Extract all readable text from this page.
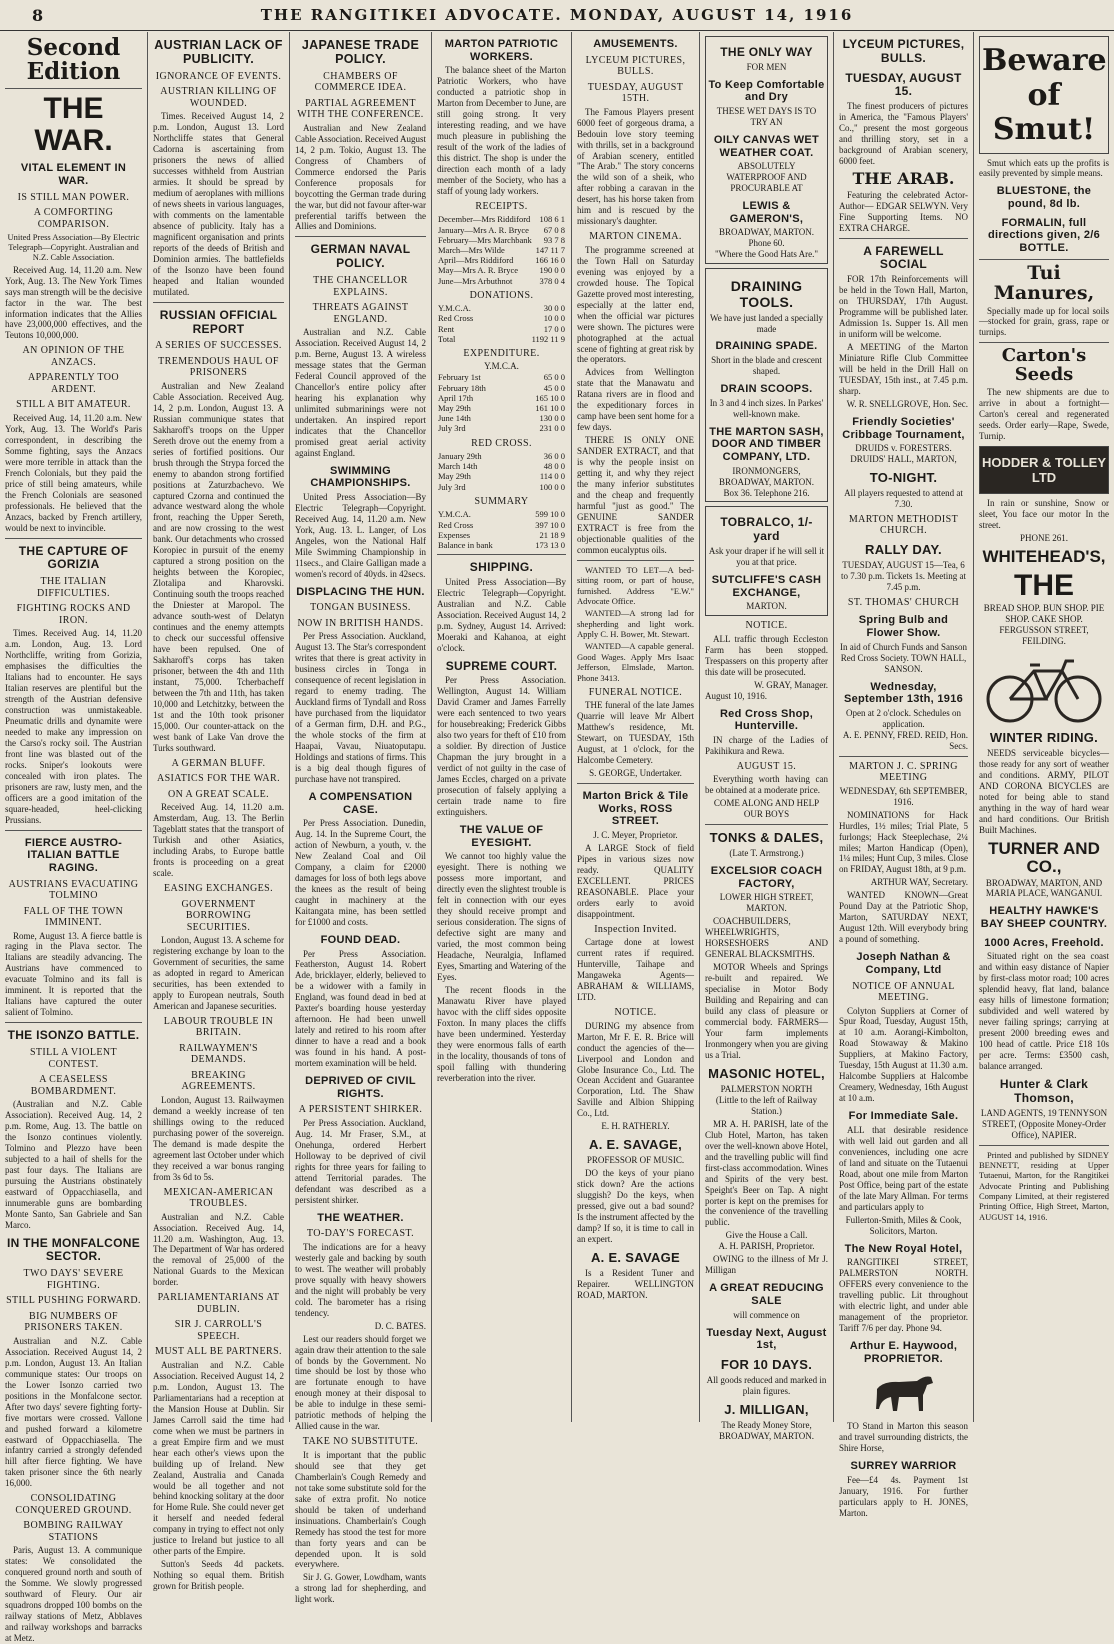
8	THE RANGITIKEI ADVOCATE. MONDAY, AUGUST 14, 1916
Second Edition
THE WAR.
VITAL ELEMENT IN WAR.
IS STILL MAN POWER.
A COMFORTING COMPARISON.
United Press Association—By Electric Telegraph—Copyright. Australian and N.Z. Cable Association.

Received Aug. 14, 11.20 a.m. New York, Aug. 13. The New York Times says man strength will be the decisive factor in the war. The best information indicates that the Allies have 23,000,000 effectives, and the Teutons 10,000,000.

AN OPINION OF THE ANZACS.
APPARENTLY TOO ARDENT.
STILL A BIT AMATEUR.

Received Aug. 14, 11.20 a.m. New York, Aug. 13. The World's Paris correspondent, in describing the Somme fighting, says the Anzacs were more terrible in attack than the French Colonials, but they paid the price of still being amateurs, while the French Colonials are seasoned professionals. He believed that the Anzacs, backed by French artillery, would be next to invincible.

THE CAPTURE OF GORIZIA
THE ITALIAN DIFFICULTIES.
FIGHTING ROCKS AND IRON.

Times. Received Aug. 14, 11.20 a.m. London, Aug. 13. Lord Northcliffe, writing from Gorizia, emphasises the difficulties the Italians had to encounter. He says Italian reserves are plentiful but the strength of the Austrian defensive construction was unmistakeable. Pneumatic drills and dynamite were needed to make any impression on the Carso's rocky soil. The Austrian front line was blasted out of the rocks. Sniper's lookouts were concealed with iron plates. The prisoners are raw, lusty men, and the officers are a good imitation of the square-headed, heel-clicking Prussians.

FIERCE AUSTRO-ITALIAN BATTLE RAGING.
AUSTRIANS EVACUATING TOLMINO
FALL OF THE TOWN IMMINENT.

Rome, August 13. A fierce battle is raging in the Plava sector. The Italians are steadily advancing. The Austrians have commenced to evacuate Tolmino and its fall is imminent. It is reported that the Italians have captured the outer salient of Tolmino.

THE ISONZO BATTLE.
STILL A VIOLENT CONTEST.
A CEASELESS BOMBARDMENT.

(Australian and N.Z. Cable Association). Received Aug. 14, 2 p.m. Rome, Aug. 13. The battle on the Isonzo continues violently. Tolmino and Plezzo have been subjected to a hail of shells for the past four days. The Italians are pursuing the Austrians obstinately eastward of Oppacchiasella, and innumerable guns are bombarding Monte Santo, San Gabriele and San Marco.

IN THE MONFALCONE SECTOR.
TWO DAYS' SEVERE FIGHTING.
STILL PUSHING FORWARD.
BIG NUMBERS OF PRISONERS TAKEN.

Australian and N.Z. Cable Association. Received August 14, 2 p.m. London, August 13. An Italian communique states: Our troops on the Lower Isonzo carried two positions in the Monfalcone sector. After two days' severe fighting forty-five mortars were crossed. Vallone and pushed forward a kilometre eastward of Oppacchiasella. The infantry carried a strongly defended hill after fierce fighting. We have taken prisoner since the 6th nearly 16,000.

CONSOLIDATING CONQUERED GROUND.
BOMBING RAILWAY STATIONS

Paris, August 13. A communique states: We consolidated the conquered ground north and south of the Somme. We slowly progressed southward of Fleury. Our air squadrons dropped 100 bombs on the railway stations of Metz, Abblaves and railway workshops and barracks at Metz.

AUSTRIAN LACK OF PUBLICITY.
IGNORANCE OF EVENTS.
AUSTRIAN KILLING OF WOUNDED.

Times. Received August 14, 2 p.m. London, August 13. Lord Northcliffe states that General Cadorna is ascertaining from prisoners the news of allied successes withheld from Austrian armies. It should be spread by medium of aeroplanes with millions of news sheets in various languages, with comments on the lamentable absence of publicity. Italy has a magnificent organisation and prints reports of the deeds of British and Dominion armies. The battlefields of the Isonzo have been found heaped and Italian wounded mutilated.

RUSSIAN OFFICIAL REPORT
A SERIES OF SUCCESSES.
TREMENDOUS HAUL OF PRISONERS

Australian and New Zealand Cable Association. Received Aug. 14, 2 p.m. London, August 13. A Russian communique states that Sakharoff's troops on the Upper Sereth drove out the enemy from a series of fortified positions. Our brush through the Strypa forced the enemy to abandon strong fortified positions at Zaturzbachevo. We captured Czorna and continued the advance westward along the whole front, reaching the Upper Sereth, and are now crossing to the west bank. Our detachments who crossed Koropiec in pursuit of the enemy captured a strong position on the heights between the Koropiec, Zlotalipa and Kharovski. Continuing south the troops reached the Dniester at Maropol. The advance south-west of Delatyn continues and the enemy attempts to check our successful offensive have been repulsed. One of Sakharoff's corps has taken prisoner, between the 4th and 11th instant, 75,000. Tcherbacheff between the 7th and 11th, has taken 10,000 and Letchitzky, between the 1st and the 10th took prisoner 15,000. Our counter-attack on the west bank of Lake Van drove the Turks southward.

A GERMAN BLUFF.
ASIATICS FOR THE WAR.
ON A GREAT SCALE.

Received Aug. 14, 11.20 a.m. Amsterdam, Aug. 13. The Berlin Tageblatt states that the transport of Turkish and other Asiatics, including Arabs, to Europe battle fronts is proceeding on a great scale.

EASING EXCHANGES.
GOVERNMENT BORROWING SECURITIES.

London, August 13. A scheme for registering exchange by loan to the Government of securities, the same as adopted in regard to American securities, has been extended to apply to European neutrals, South American and Japanese securities.

LABOUR TROUBLE IN BRITAIN.
RAILWAYMEN'S DEMANDS.
BREAKING AGREEMENTS.

London, August 13. Railwaymen demand a weekly increase of ten shillings owing to the reduced purchasing power of the sovereign. The demand is made despite the agreement last October under which they received a war bonus ranging from 3s 6d to 5s.

MEXICAN-AMERICAN TROUBLES.

Australian and N.Z. Cable Association. Received Aug. 14, 11.20 a.m. Washington, Aug. 13. The Department of War has ordered the removal of 25,000 of the National Guards to the Mexican border.

PARLIAMENTARIANS AT DUBLIN.
SIR J. CARROLL'S SPEECH.
MUST ALL BE PARTNERS.

Australian and N.Z. Cable Association. Received August 14, 2 p.m. London, August 13. The Parliamentarians had a reception at the Mansion House at Dublin. Sir James Carroll said the time had come when we must be partners in a great Empire firm and we must hear each other's views upon the building up of Ireland. New Zealand, Australia and Canada would be all together and not behind knocking solitary at the door for Home Rule. She could never get it herself and needed federal company in trying to effect not only justice to Ireland but justice to all other parts of the Empire.

Sutton's Seeds 4d packets. Nothing so equal them. British grown for British people.

JAPANESE TRADE POLICY.
CHAMBERS OF COMMERCE IDEA.
PARTIAL AGREEMENT WITH THE CONFERENCE.

Australian and New Zealand Cable Association. Received August 14, 2 p.m. Tokio, August 13. The Congress of Chambers of Commerce endorsed the Paris Conference proposals for boycotting the German trade during the war, but did not favour after-war preferential tariffs between the Allies and Dominions.

GERMAN NAVAL POLICY.
THE CHANCELLOR EXPLAINS.
THREATS AGAINST ENGLAND.

Australian and N.Z. Cable Association. Received August 14, 2 p.m. Berne, August 13. A wireless message states that the German Federal Council approved of the Chancellor's entire policy after hearing his explanation why unlimited submarinings were not undertaken. An inspired report indicates that the Chancellor promised great aerial activity against England.

SWIMMING CHAMPIONSHIPS.

United Press Association—By Electric Telegraph—Copyright. Received Aug. 14, 11.20 a.m. New York, Aug. 13. L. Langer, of Los Angeles, won the National Half Mile Swimming Championship in 11secs., and Claire Galligan made a women's record of 40yds. in 42secs.

DISPLACING THE HUN.
TONGAN BUSINESS.
NOW IN BRITISH HANDS.

Per Press Association. Auckland, August 13. The Star's correspondent writes that there is great activity in business circles in Tonga in consequence of recent legislation in regard to enemy trading. The Auckland firms of Tyndall and Ross have purchased from the liquidator of a German firm, D.H. and P.G., the whole stocks of the firm at Haapai, Vavau, Niuatoputapu. Holdings and stations of firms. This is a big deal though figures of purchase have not transpired.

A COMPENSATION CASE.

Per Press Association. Dunedin, Aug. 14. In the Supreme Court, the action of Newburn, a youth, v. the New Zealand Coal and Oil Company, a claim for £2000 damages for loss of both legs above the knees as the result of being caught in machinery at the Kaitangata mine, has been settled for £1000 and costs.

FOUND DEAD.

Per Press Association. Featherston, August 14. Robert Ade, bricklayer, elderly, believed to be a widower with a family in England, was found dead in bed at Paxter's boarding house yesterday afternoon. He had been unwell lately and retired to his room after dinner to have a read and a book was found in his hand. A post-mortem examination will be held.

DEPRIVED OF CIVIL RIGHTS.
A PERSISTENT SHIRKER.

Per Press Association. Auckland, Aug. 14. Mr Fraser, S.M., at Onehunga, ordered Herbert Holloway to be deprived of civil rights for three years for failing to attend Territorial parades. The defendant was described as a persistent shirker.

THE WEATHER.
TO-DAY'S FORECAST.

The indications are for a heavy westerly gale and backing by south to west. The weather will probably prove squally with heavy showers and the night will probably be very cold. The barometer has a rising tendency.

D. C. BATES.

Lest our readers should forget we again draw their attention to the sale of bonds by the Government. No time should be lost by those who are fortunate enough to have enough money at their disposal to be able to indulge in these semi-patriotic methods of helping the Allied cause in the war.

TAKE NO SUBSTITUTE.

It is important that the public should see that they get Chamberlain's Cough Remedy and not take some substitute sold for the sake of extra profit. No notice should be taken of underhand insinuations. Chamberlain's Cough Remedy has stood the test for more than forty years and can be depended upon. It is sold everywhere.

Sir J. G. Gower, Lowdham, wants a strong lad for shepherding, and light work.

MARTON PATRIOTIC WORKERS.

The balance sheet of the Marton Patriotic Workers, who have conducted a patriotic shop in Marton from December to June, are still going strong. It very interesting reading, and we have much pleasure in publishing the result of the work of the ladies of this district. The shop is under the direction each month of a lady member of the Society, who has a staff of young lady workers.

RECEIPTS.
December—Mrs Riddiford	108 6 1
January—Mrs A. R. Bryce	67 0 8
February—Mrs Marchbank	93 7 8
March—Mrs Wilde	147 11 7
April—Mrs Riddiford	166 16 0
May—Mrs A. R. Bryce	190 0 0
June—Mrs Arbuthnot	378 0 4
DONATIONS.
Y.M.C.A.	30 0 0
Red Cross	10 0 0
Rent	17 0 0
Total	1192 11 9
EXPENDITURE.
Y.M.C.A.
February 1st	65 0 0
February 18th	45 0 0
April 17th	165 10 0
May 29th	161 10 0
June 14th	130 0 0
July 3rd	231 0 0
RED CROSS.
January 29th	36 0 0
March 14th	48 0 0
May 29th	114 0 0
July 3rd	100 0 0
SUMMARY
Y.M.C.A.	599 10 0
Red Cross	397 10 0
Expenses	21 18 9
Balance in bank	173 13 0
SHIPPING.

United Press Association—By Electric Telegraph—Copyright. Australian and N.Z. Cable Association. Received August 14, 2 p.m. Sydney, August 14. Arrived: Moeraki and Kahanoa, at eight o'clock.

SUPREME COURT.

Per Press Association. Wellington, August 14. William David Cramer and James Farrelly were each sentenced to two years for housebreaking; Frederick Gibbs also two years for theft of £10 from a soldier. By direction of Justice Chapman the jury brought in a verdict of not guilty in the case of James Eccles, charged on a private prosecution of falsely applying a certain trade name to fire extinguishers.

THE VALUE OF EYESIGHT.

We cannot too highly value the eyesight. There is nothing we possess more important, and directly even the slightest trouble is felt in connection with our eyes they should receive prompt and serious consideration. The signs of defective sight are many and varied, the most common being Headache, Neuralgia, Inflamed Eyes, Smarting and Watering of the Eyes.

The recent floods in the Manawatu River have played havoc with the cliff sides opposite Foxton. In many places the cliffs have been undermined. Yesterday they were enormous falls of earth in the locality, thousands of tons of spoil falling with thundering reverberation into the river.

AMUSEMENTS.
LYCEUM PICTURES, BULLS.
TUESDAY, AUGUST 15TH.

The Famous Players present 6000 feet of gorgeous drama, a Bedouin love story teeming with thrills, set in a background of Arabian scenery, entitled "The Arab." The story concerns the wild son of a sheik, who after robbing a caravan in the desert, has his horse taken from him and is rescued by the missionary's daughter.

MARTON CINEMA.

The programme screened at the Town Hall on Saturday evening was enjoyed by a crowded house. The Topical Gazette proved most interesting, especially at the latter end, when the official war pictures were shown. The pictures were photographed at the actual scene of fighting at great risk by the operators.

Advices from Wellington state that the Manawatu and Ratana rivers are in flood and the expeditionary forces in camp have been sent home for a few days.

THERE IS ONLY ONE SANDER EXTRACT, and that is why the people insist on getting it, and why they reject the many inferior substitutes and the cheap and frequently harmful "just as good." The GENUINE SANDER EXTRACT is free from the objectionable qualities of the common eucalyptus oils.

WANTED TO LET—A bed-sitting room, or part of house, furnished. Address "E.W." Advocate Office.

WANTED—A strong lad for shepherding and light work. Apply C. H. Bower, Mt. Stewart.

WANTED—A capable general. Good Wages. Apply Mrs Isaac Jefferson, Elmslade, Marton. Phone 3413.

FUNERAL NOTICE.

THE funeral of the late James Quarrie will leave Mr Albert Matthew's residence, Mt. Stewart, on TUESDAY, 15th August, at 1 o'clock, for the Halcombe Cemetery.

S. GEORGE, Undertaker.
Marton Brick & Tile Works, ROSS STREET.
J. C. Meyer, Proprietor.

A LARGE Stock of field Pipes in various sizes now ready. QUALITY EXCELLENT. PRICES REASONABLE. Place your orders early to avoid disappointment.

Inspection Invited.

Cartage done at lowest current rates if required. Hunterville, Taihape and Mangaweka Agents— ABRAHAM & WILLIAMS, LTD.

NOTICE.

DURING my absence from Marton, Mr F. E. R. Brice will conduct the agencies of the— Liverpool and London and Globe Insurance Co., Ltd. The Ocean Accident and Guarantee Corporation, Ltd. The Shaw Saville and Albion Shipping Co., Ltd.

E. H. RATHERLY.
A. E. SAVAGE,
PROFESSOR OF MUSIC.

DO the keys of your piano stick down? Are the actions sluggish? Do the keys, when pressed, give out a bad sound? Is the instrument affected by the damp? If so, it is time to call in an expert.

A. E. SAVAGE

Is a Resident Tuner and Repairer. WELLINGTON ROAD, MARTON.

THE ONLY WAY
FOR MEN
To Keep Comfortable and Dry
THESE WET DAYS IS TO TRY AN
OILY CANVAS WET WEATHER COAT.
ABSOLUTELY WATERPROOF AND PROCURABLE AT
LEWIS & GAMERON'S,
BROADWAY, MARTON.
Phone 60.
"Where the Good Hats Are."
DRAINING TOOLS.
We have just landed a specially made
DRAINING SPADE.
Short in the blade and crescent shaped.
DRAIN SCOOPS.
In 3 and 4 inch sizes. In Parkes' well-known make.
THE MARTON SASH, DOOR AND TIMBER COMPANY, LTD.
IRONMONGERS,
BROADWAY, MARTON.
Box 36. Telephone 216.
TOBRALCO, 1/- yard
Ask your draper if he will sell it you at that price.
SUTCLIFFE'S CASH EXCHANGE,
MARTON.
NOTICE.

ALL traffic through Eccleston Farm has been stopped. Trespassers on this property after this date will be prosecuted.

W. GRAY, Manager.
August 10, 1916.
Red Cross Shop, Hunterville.

IN charge of the Ladies of Pakihikura and Rewa.

AUGUST 15.

Everything worth having can be obtained at a moderate price.

COME ALONG AND HELP OUR BOYS
TONKS & DALES,
(Late T. Armstrong.)
EXCELSIOR COACH FACTORY,
LOWER HIGH STREET, MARTON.

COACHBUILDERS, WHEELWRIGHTS, HORSESHOERS AND GENERAL BLACKSMITHS.

MOTOR Wheels and Springs re-built and repaired. We specialise in Motor Body Building and Repairing and can build any class of pleasure or commercial body. FARMERS—Your farm implements Ironmongery when you are giving us a Trial.

MASONIC HOTEL,
PALMERSTON NORTH
(Little to the left of Railway Station.)

MR A. H. PARISH, late of the Club Hotel, Marton, has taken over the well-known above Hotel, and the travelling public will find first-class accommodation. Wines and Spirits of the very best. Speight's Beer on Tap. A night porter is kept on the premises for the convenience of the travelling public.

Give the House a Call.
A. H. PARISH, Proprietor.

OWING to the illness of Mr J. Milligan

A GREAT REDUCING SALE
will commence on
Tuesday Next, August 1st,
FOR 10 DAYS.
All goods reduced and marked in plain figures.
J. MILLIGAN,
The Ready Money Store,
BROADWAY, MARTON.
LYCEUM PICTURES, BULLS.
TUESDAY, AUGUST 15.

The finest producers of pictures in America, the "Famous Players' Co.," present the most gorgeous and thrilling story, set in a background of Arabian scenery, 6000 feet.

THE ARAB.

Featuring the celebrated Actor-Author— EDGAR SELWYN. Very Fine Supporting Items. NO EXTRA CHARGE.

A FAREWELL SOCIAL

FOR 17th Reinforcements will be held in the Town Hall, Marton, on THURSDAY, 17th August. Programme will be published later. Admission 1s. Supper 1s. All men in uniform will be welcome.

A MEETING of the Marton Miniature Rifle Club Committee will be held in the Drill Hall on TUESDAY, 15th inst., at 7.45 p.m. sharp.

W. R. SNELLGROVE, Hon. Sec.
Friendly Societies' Cribbage Tournament,
DRUIDS v. FORESTERS. DRUIDS' HALL, MARTON,
TO-NIGHT.
All players requested to attend at 7.30.
MARTON METHODIST CHURCH.
RALLY DAY.
TUESDAY, AUGUST 15—Tea, 6 to 7.30 p.m. Tickets 1s. Meeting at 7.45 p.m.
ST. THOMAS' CHURCH
Spring Bulb and Flower Show.
In aid of Church Funds and Sanson Red Cross Society. TOWN HALL, SANSON.
Wednesday, September 13th, 1916
Open at 2 o'clock. Schedules on application.
A. E. PENNY, FRED. REID, Hon. Secs.
MARTON J. C. SPRING MEETING
WEDNESDAY, 6th SEPTEMBER, 1916.

NOMINATIONS for Hack Hurdles, 1½ miles; Trial Plate, 5 furlongs; Hack Steeplechase, 2¼ miles; Marton Handicap (Open), 1¼ miles; Hunt Cup, 3 miles. Close on FRIDAY, August 18th, at 9 p.m.

ARTHUR WAY, Secretary.

WANTED KNOWN—Great Pound Day at the Patriotic Shop, Marton, SATURDAY NEXT, August 12th. Will everybody bring a pound of something.

Joseph Nathan & Company, Ltd
NOTICE OF ANNUAL MEETING.

Colyton Suppliers at Corner of Spur Road, Tuesday, August 15th, at 10 a.m. Aorangi-Kimbolton, Road Stowaway & Makino Suppliers, at Makino Factory, Tuesday, 15th August at 11.30 a.m. Halcombe Suppliers at Halcombe Creamery, Wednesday, 16th August at 10 a.m.

For Immediate Sale.

ALL that desirable residence with well laid out garden and all conveniences, including one acre of land and situate on the Tutaenui Road, about one mile from Marton Post Office, being part of the estate of the late Mary Allman. For terms and particulars apply to

Fullerton-Smith, Miles & Cook, Solicitors, Marton.
The New Royal Hotel,

RANGITIKEI STREET, PALMERSTON NORTH. OFFERS every convenience to the travelling public. Lit throughout with electric light, and under able management of the proprietor. Tariff 7/6 per day. Phone 94.

Arthur E. Haywood, PROPRIETOR.

TO Stand in Marton this season and travel surrounding districts, the Shire Horse,

SURREY WARRIOR

Fee—£4 4s. Payment 1st January, 1916. For further particulars apply to H. JONES, Marton.

Beware of Smut!

Smut which eats up the profits is easily prevented by simple means.

BLUESTONE, the pound, 8d lb.
FORMALIN, full directions given, 2/6 BOTTLE.
Tui Manures,

Specially made up for local soils—stocked for grain, grass, rape or turnips.

Carton's Seeds

The new shipments are due to arrive in about a fortnight—Carton's cereal and regenerated seeds. Order early—Rape, Swede, Turnip.

HODDER & TOLLEY LTD

In rain or sunshine, Snow or sleet, You face our motor In the street.

PHONE 261.
WHITEHEAD'S,
THE
BREAD SHOP. BUN SHOP. PIE SHOP. CAKE SHOP.
FERGUSSON STREET, FEILDING.
WINTER RIDING.

NEEDS serviceable bicycles—those ready for any sort of weather and conditions. ARMY, PILOT AND CORONA BICYCLES are noted for being able to stand anything in the way of hard wear and hard conditions. Our British Built Machines.

TURNER AND CO.,
BROADWAY, MARTON, AND MARIA PLACE, WANGANUI.
HEALTHY HAWKE'S BAY SHEEP COUNTRY.
1000 Acres, Freehold.

Situated right on the sea coast and within easy distance of Napier by first-class motor road; 100 acres splendid heavy, flat land, balance easy hills of limestone formation; subdivided and well watered by never failing springs; carrying at present 2000 breeding ewes and 100 head of cattle. Price £18 10s per acre. Terms: £3500 cash, balance arranged.

Hunter & Clark Thomson,
LAND AGENTS, 19 TENNYSON STREET, (Opposite Money-Order Office), NAPIER.

Printed and published by SIDNEY BENNETT, residing at Upper Tutaenui, Marton, for the Rangitikei Advocate Printing and Publishing Company Limited, at their registered Printing Office, High Street, Marton, AUGUST 14, 1916.
